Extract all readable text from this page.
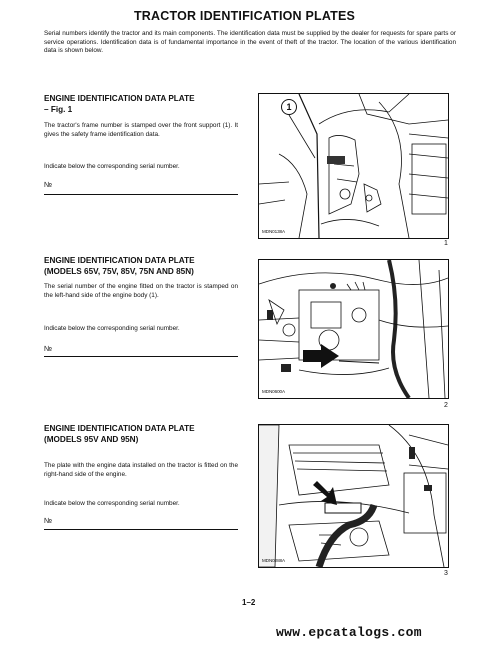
TRACTOR IDENTIFICATION PLATES
Serial numbers identify the tractor and its main components. The identification data must be supplied by the dealer for requests for spare parts or service operations. Identification data is of fundamental importance in the event of theft of the tractor. The location of the various identification data is shown below.
ENGINE IDENTIFICATION DATA PLATE
– Fig. 1
The tractor's frame number is stamped over the front support (1). It gives the safety frame identification data.
Indicate below the corresponding serial number.
№
1
MDN0138A
1
ENGINE IDENTIFICATION DATA PLATE
(MODELS 65V, 75V, 85V, 75N AND 85N)
The serial number of the engine fitted on the tractor is stamped on the left-hand side of the engine body (1).
Indicate below the corresponding serial number.
№
MDN0600A
2
ENGINE IDENTIFICATION DATA PLATE
(MODELS 95V AND 95N)
The plate with the engine data installed on the tractor is fitted on the right-hand side of the engine.
Indicate below the corresponding serial number.
№
MDN0288A
3
1–2
www.epcatalogs.com
